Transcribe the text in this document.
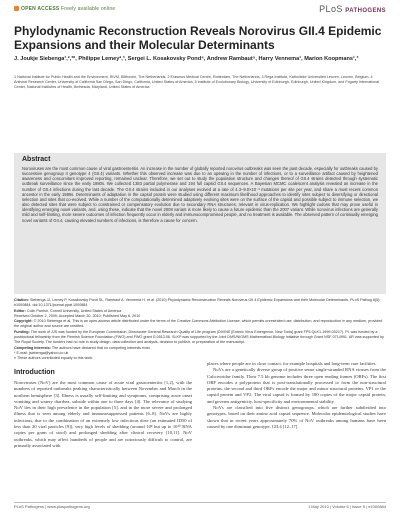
OPEN ACCESS Freely available online	PLoS PATHOGENS
Phylodynamic Reconstruction Reveals Norovirus GII.4 Epidemic Expansions and their Molecular Determinants
J. Joukje Siebenga¹,²,³*, Philippe Lemey²,³, Sergei L. Kosakovsky Pond⁴, Andrew Rambaut⁵, Harry Vennema¹, Marion Koopmans¹,³
1 National Institute for Public Health and the Environment, RIVM, Bilthoven, The Netherlands, 2 Erasmus Medical Centre, Rotterdam, The Netherlands, 3 Rega Institute, Katholieke Universiteit Leuven, Leuven, Belgium, 4 Antiviral Research Center, University of California San Diego, San Diego, California, United States of America, 5 Institute of Evolutionary Biology, University of Edinburgh, Edinburgh, United Kingdom, and Fogarty International Center, National Institutes of Health, Bethesda, Maryland, United States of America
Abstract

Noroviruses are the most common cause of viral gastroenteritis. An increase in the number of globally reported norovirus outbreaks was seen the past decade, especially for outbreaks caused by successive genogroup II genotype 4 (GII.4) variants. Whether this observed increase was due to an upswing in the number of infections, or to a surveillance artifact caused by heightened awareness and concomitant improved reporting, remained unclear. Therefore, we set out to study the population structure and changes thereof of GII.4 strains detected through systematic outbreak surveillance since the early 1980s. We collected 1383 partial polymerase and 194 full capsid GII.4 sequences. A Bayesian MCMC coalescent analysis revealed an increase in the number of GII.4 infections during the last decade. The GII.4 strains included in our analyses evolved at a rate of 4.3–9.0×10⁻³ mutations per site per year, and share a most recent common ancestor in the early 1980s. Determinants of adaptation in the capsid protein were studied using different maximum likelihood approaches to identify sites subject to diversifying or directional selection and sites that co-evolved. While a number of the computationally determined adaptively evolving sites were on the surface of the capsid and possible subject to immune selection, we also detected sites that were subject to constrained or compensatory evolution due to secondary RNA structures, relevant in virus-replication. We highlight codons that may prove useful in identifying emerging novel variants, and, using these, indicate that the novel 2008 variant is more likely to cause a future epidemic than the 2007 variant. While norovirus infections are generally mild and self-limiting, more severe outcomes of infection frequently occur in elderly and immunocompromised people, and no treatment is available. The observed pattern of continually emerging novel variants of GII.4, causing elevated numbers of infections, is therefore a cause for concern.

Citation: Siebenga JJ, Lemey P, Kosakovsky Pond SL, Rambaut A, Vennema H, et al. (2010) Phylodynamic Reconstruction Reveals Norovirus GII.4 Epidemic Expansions and their Molecular Determinants. PLoS Pathog 6(5): e1000884. doi:10.1371/journal.ppat.1000884
Editor: Colin Parrish, Cornell University, United States of America
Received October 2, 2009; Accepted March 30, 2010; Published May 6, 2010
Copyright: © 2010 Siebenga et al. This is an open-access article distributed under the terms of the Creative Commons Attribution License, which permits unrestricted use, distribution, and reproduction in any medium, provided the original author and source are credited.
Funding: The work of JJS was funded by the European Commission, Directorate General Research Quality of Life program (DIVINE [Enteric Virus Emergence, New Tools] grant FP5-QLK1-1999-00217). PL was funded by a postdoctoral fellowship from the Flemish Science Foundation (FWO) and FWO grant G.0513.06. SLKP was supported by the Joint DMS/NIGMS Mathematical Biology Initiative through Grant NSF-0714991. AR was supported by The Royal Society. The funders had no role in study design, data collection and analysis, decision to publish, or preparation of the manuscript.
Competing Interests: The authors have declared that no competing interests exist.
* E-mail: jsiebenga@yahoo.co.uk
¤ These authors contributed equally to this work.
Introduction

Noroviruses (NoV) are the most common cause of acute viral gastroenteritis [1,2], with the numbers of reported outbreaks peaking characteristically between November and March in the northern hemisphere [3]. Illness is usually self-limiting and symptoms, comprising acute onset vomiting and watery diarrhea, subside within one to three days [4]. The relevance of studying NoV lies in their high prevalence in the population [5], and in the more severe and prolonged illness that is seen among elderly and immunosuppressed patients [6–8]. NoVs are highly infectious, due to the combination of an extremely low infectious dose (an estimated ID50 of less than 20 viral particles [9]), very high levels of shedding (around 10⁸ but up to 10¹⁰ RNA copies per gram of stool) and prolonged shedding after clinical recovery [10,11]. NoV outbreaks, which may affect hundreds of people and are notoriously difficult to control, are primarily associated with

places where people are in close contact, for example hospitals and long-term care facilities.

NoVs are a genetically diverse group of positive sense single-stranded RNA viruses from the Caliciviridae family. Their 7.5 kb genome includes three open reading frames (ORFs). The first ORF encodes a polyprotein that is post-translationally processed to form the non-structural proteins, the second and third ORFs encode the major and minor structural proteins, VP1 or the capsid protein and VP2. The viral capsid is formed by 180 copies of the major capsid protein, and governs antigenicity, host-specificity and environmental stability.

NoVs are classified into five distinct genogroups, which are further subdivided into genotypes, based on their amino acid capsid sequence. Molecular epidemiological studies have shown that in recent years approximately 70% of NoV outbreaks among humans have been caused by one dominant genotype, GII.4 [12–17].

PLoS Pathogens | www.plospathogens.org	1 May 2010 | Volume 6 | Issue 5 | e1000884
